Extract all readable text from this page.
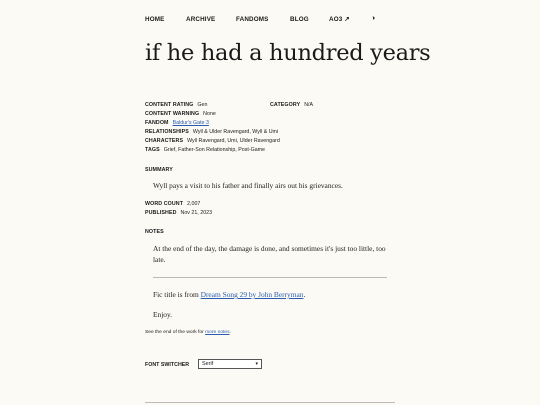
HOME	ARCHIVE	FANDOMS	BLOG	AO3 ↗	◑
if he had a hundred years
CONTENT RATING Gen	CATEGORY N/A
CONTENT WARNING None
FANDOM Baldur's Gate 3
RELATIONSHIPS Wyll & Ulder Ravengard, Wyll & Umi
CHARACTERS Wyll Ravengard, Umi, Ulder Ravengard
TAGS Grief, Father-Son Relationship, Post-Game
SUMMARY
Wyll pays a visit to his father and finally airs out his grievances.
WORD COUNT 2,007
PUBLISHED Nov 21, 2023
NOTES
At the end of the day, the damage is done, and sometimes it's just too little, too late.
Fic title is from Dream Song 29 by John Berryman.
Enjoy.
See the end of the work for more notes.
FONT SWITCHER	Serif	▾
